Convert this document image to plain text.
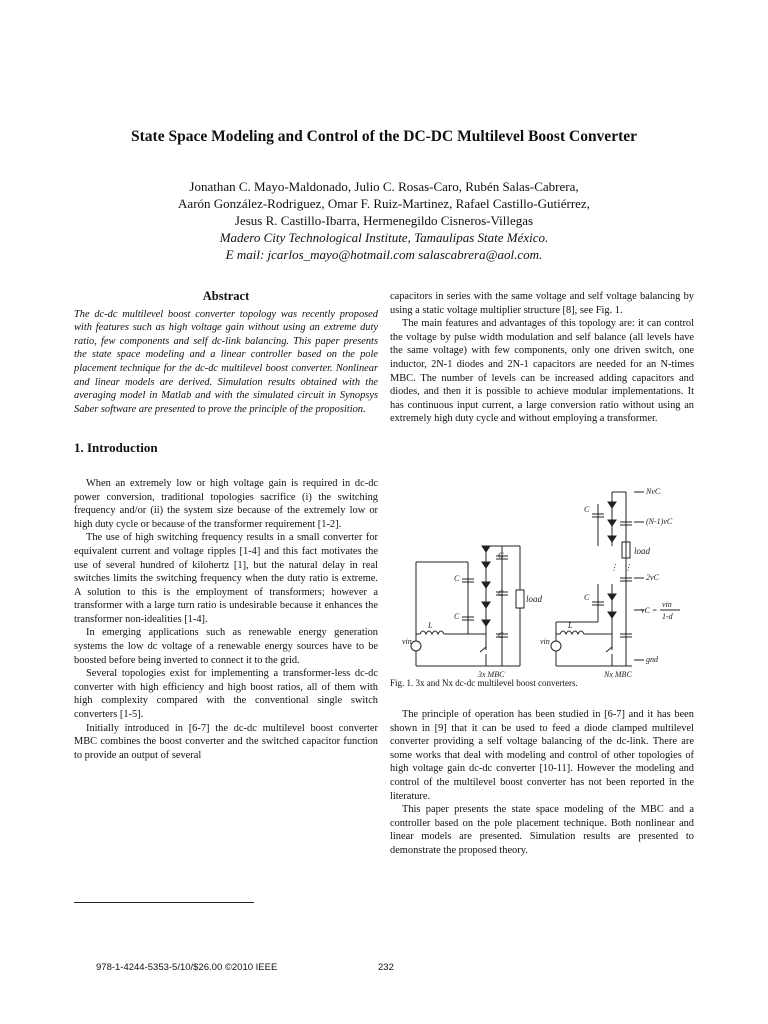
State Space Modeling and Control of the DC-DC Multilevel Boost Converter
Jonathan C. Mayo-Maldonado, Julio C. Rosas-Caro, Rubén Salas-Cabrera,
Aarón González-Rodriguez, Omar F. Ruiz-Martinez, Rafael Castillo-Gutiérrez,
Jesus R. Castillo-Ibarra, Hermenegildo Cisneros-Villegas
Madero City Technological Institute, Tamaulipas State México.
E mail: jcarlos_mayo@hotmail.com salascabrera@aol.com.
Abstract

The dc-dc multilevel boost converter topology was recently proposed with features such as high voltage gain without using an extreme duty ratio, few components and self dc-link balancing. This paper presents the state space modeling and a linear controller based on the pole placement technique for the dc-dc multilevel boost converter. Nonlinear and linear models are derived. Simulation results obtained with the averaging model in Matlab and with the simulated circuit in Synopsys Saber software are presented to prove the principle of the proposition.

1. Introduction

When an extremely low or high voltage gain is required in dc-dc power conversion, traditional topologies sacrifice (i) the switching frequency and/or (ii) the system size because of the extremely low or high duty cycle or because of the transformer requirement [1-2].

The use of high switching frequency results in a small converter for equivalent current and voltage ripples [1-4] and this fact motivates the use of several hundred of kilohertz [1], but the natural delay in real switches limits the switching frequency when the duty ratio is extreme. A solution to this is the employment of transformers; however a transformer with a large turn ratio is undesirable because it enhances the transformer non-idealities [1-4].

In emerging applications such as renewable energy generation systems the low dc voltage of a renewable energy sources have to be boosted before being inverted to connect it to the grid.

Several topologies exist for implementing a transformer-less dc-dc converter with high efficiency and high boost ratios, all of them with high complexity compared with the conventional single switch converters [1-5].

Initially introduced in [6-7] the dc-dc multilevel boost converter MBC combines the boost converter and the switched capacitor function to provide an output of several

capacitors in series with the same voltage and self voltage balancing by using a static voltage multiplier structure [8], see Fig. 1.

The main features and advantages of this topology are: it can control the voltage by pulse width modulation and self balance (all levels have the same voltage) with few components, only one driven switch, one inductor, 2N-1 diodes and 2N-1 capacitors are needed for an N-times MBC. The number of levels can be increased adding capacitors and diodes, and then it is possible to achieve modular implementations. It has continuous input current, a large conversion ratio without using an extremely high duty cycle and without employing a transformer.

C
C
C
C
C
L
vin
load
3x MBC
L
vin
C
C
load
NvC
(N-1)vC
2vC
vC =
vin
1-d
gnd
⋮ ⋮
Nx MBC
Fig. 1. 3x and Nx dc-dc multilevel boost converters.

The principle of operation has been studied in [6-7] and it has been shown in [9] that it can be used to feed a diode clamped multilevel converter providing a self voltage balancing of the dc-link. There are some works that deal with modeling and control of other topologies of high voltage gain dc-dc converter [10-11]. However the modeling and control of the multilevel boost converter has not been reported in the literature.

This paper presents the state space modeling of the MBC and a controller based on the pole placement technique. Both nonlinear and linear models are presented. Simulation results are presented to demonstrate the proposed theory.

978-1-4244-5353-5/10/$26.00 ©2010 IEEE	232
